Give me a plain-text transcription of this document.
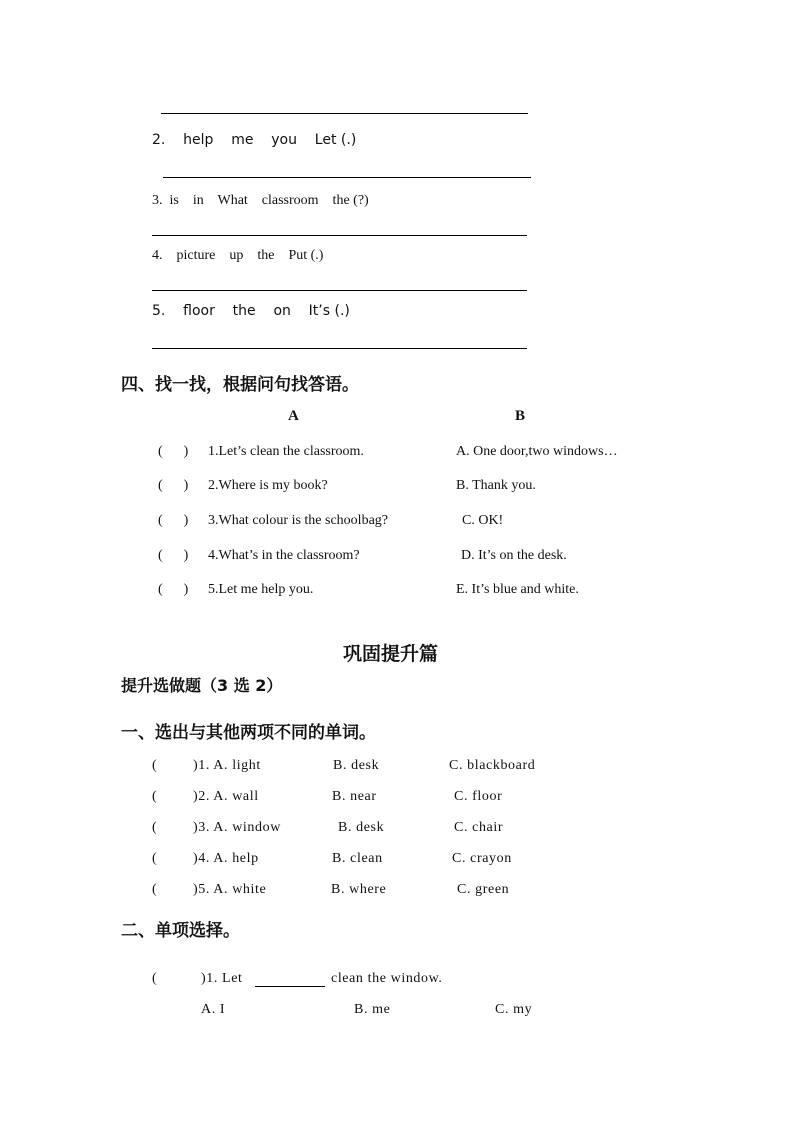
2.    help    me    you    Let (.)
3.  is    in    What    classroom    the (?)
4.    picture    up    the    Put (.)
5.    floor    the    on    It’s (.)
四、找一找，根据问句找答语。
A	B
(      ) 1.Let’s clean the classroom.	A. One door,two windows…
(      ) 2.Where is my book?	B. Thank you.
(      ) 3.What colour is the schoolbag?	C. OK!
(      ) 4.What’s in the classroom?	D. It’s on the desk.
(      ) 5.Let me help you.	E. It’s blue and white.
巩固提升篇
提升选做题（3 选 2）
一、选出与其他两项不同的单词。
(	)1. A. light	B. desk	C. blackboard
(	)2. A. wall	B. near	C. floor
(	)3. A. window	B. desk	C. chair
(	)4. A. help	B. clean	C. crayon
(	)5. A. white	B. where	C. green
二、单项选择。
(	)1. Let	clean the window.
A. I	B. me	C. my
